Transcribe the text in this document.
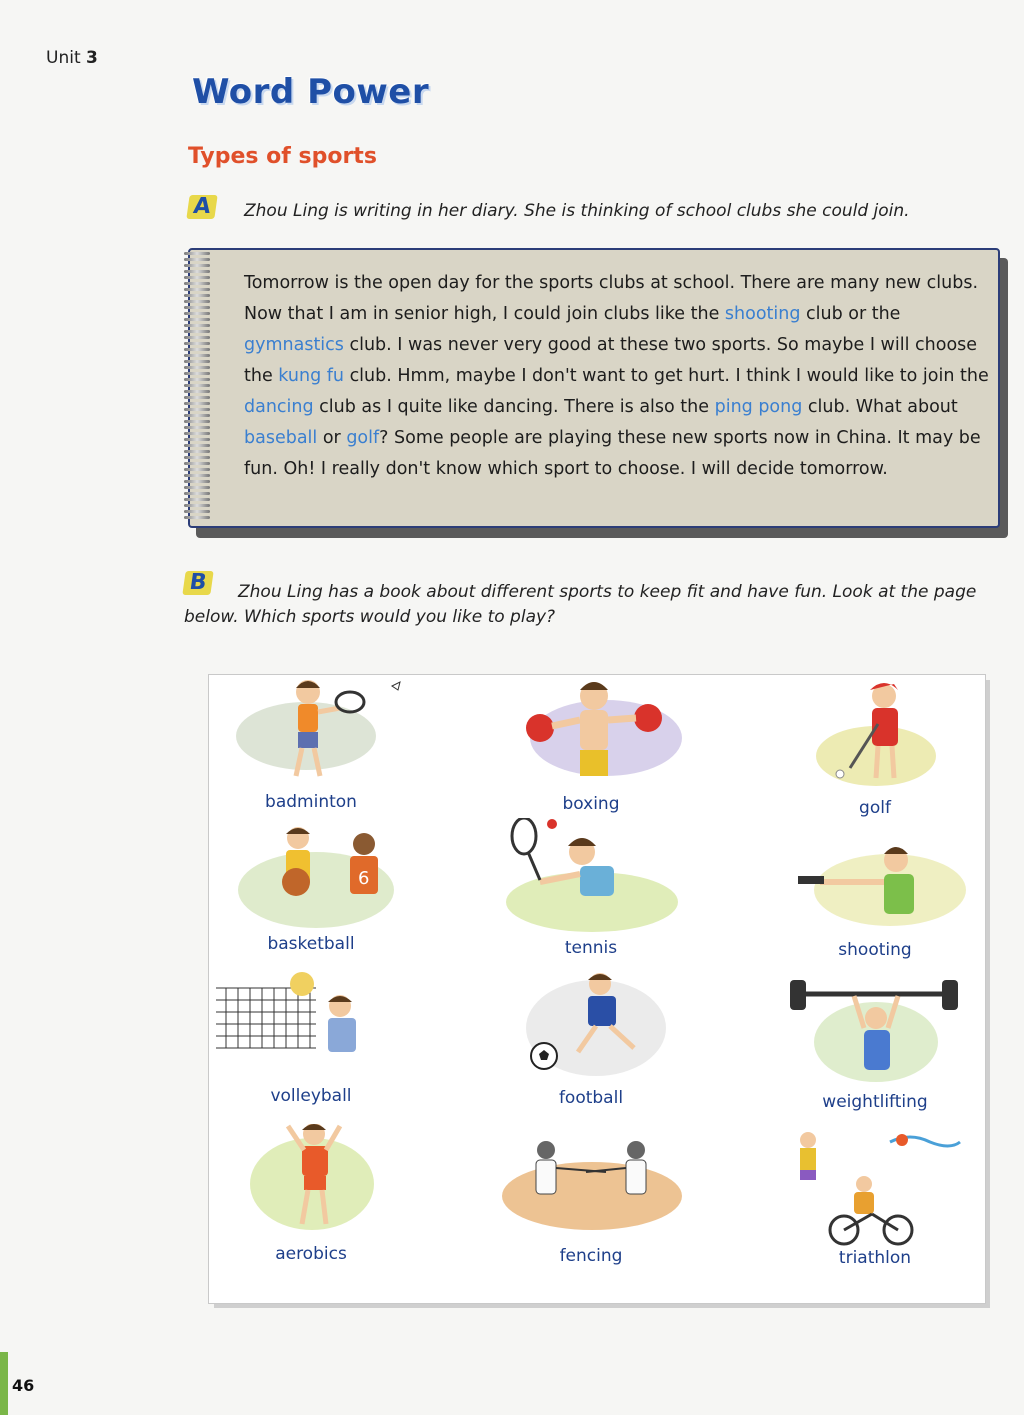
Unit 3
Word Power
Types of sports
A	Zhou Ling is writing in her diary. She is thinking of school clubs she could join.
Tomorrow is the open day for the sports clubs at school. There are many new clubs. Now that I am in senior high, I could join clubs like the shooting club or the gymnastics club. I was never very good at these two sports. So maybe I will choose the kung fu club. Hmm, maybe I don't want to get hurt. I think I would like to join the dancing club as I quite like dancing. There is also the ping pong club. What about baseball or golf? Some people are playing these new sports now in China. It may be fun. Oh! I really don't know which sport to choose. I will decide tomorrow.
B	Zhou Ling has a book about different sports to keep fit and have fun. Look at the page below. Which sports would you like to play?
badminton	boxing	golf
6
basketball	tennis	shooting
volleyball	football	weightlifting
aerobics	fencing	triathlon
46
